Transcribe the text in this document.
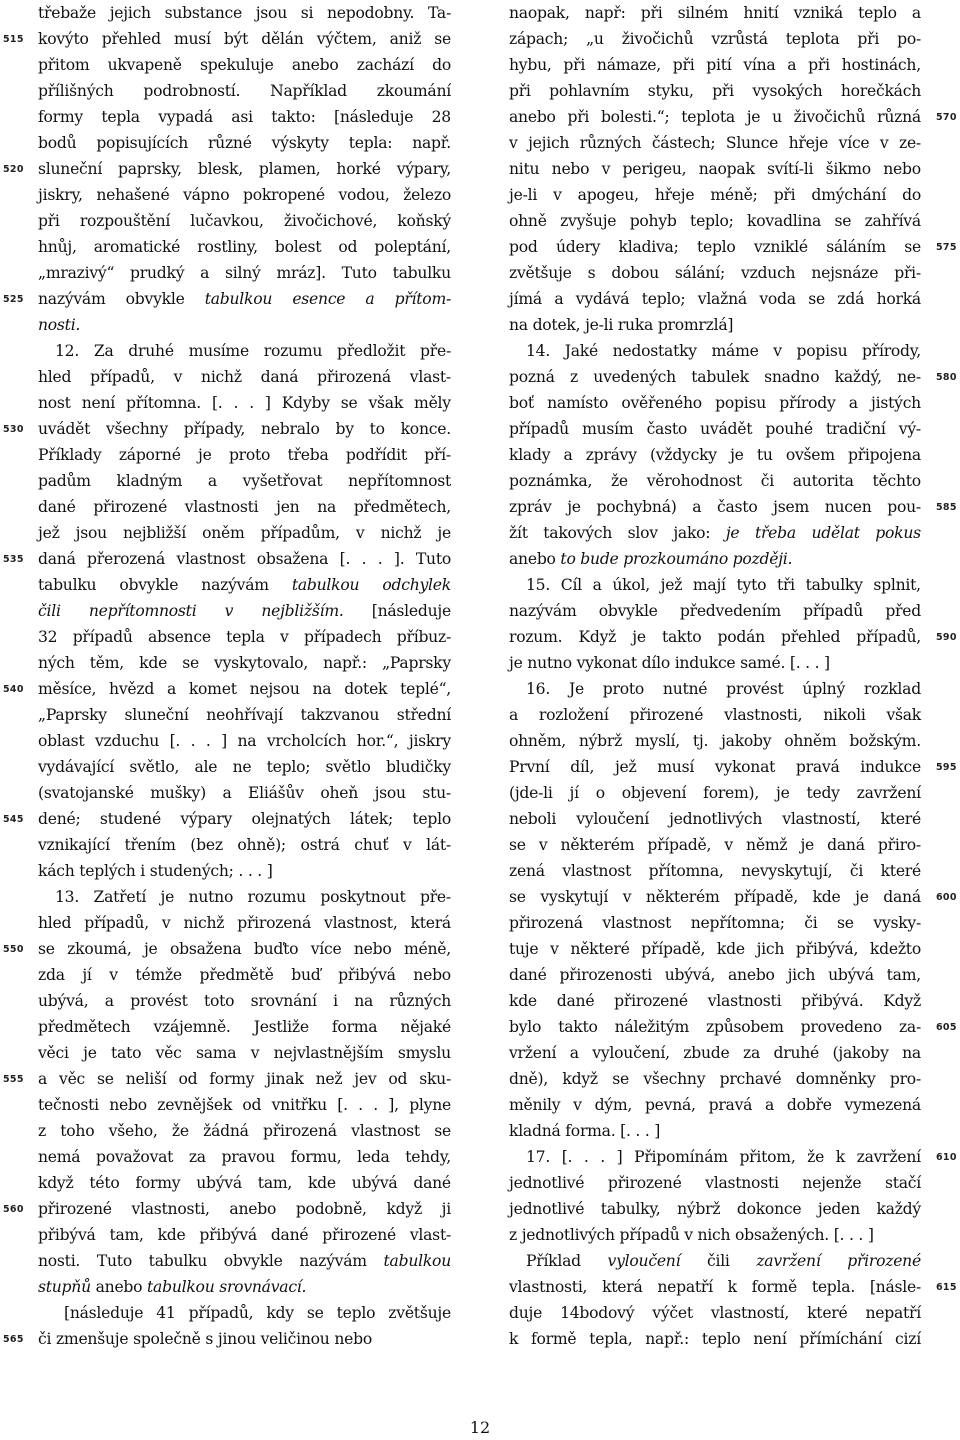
515
520
525
530
535
540
545
550
555
560
565
570
575
580
585
590
595
600
605
610
615
třebaže jejich substance jsou si nepodobny. Ta-
kovýto přehled musí být dělán výčtem, aniž se
přitom ukvapeně spekuluje anebo zachází do
přílišných podrobností. Například zkoumání
formy tepla vypadá asi takto: [následuje 28
bodů popisujících různé výskyty tepla: např.
sluneční paprsky, blesk, plamen, horké výpary,
jiskry, nehašené vápno pokropené vodou, železo
při rozpouštění lučavkou, živočichové, koňský
hnůj, aromatické rostliny, bolest od poleptání,
„mrazivý“ prudký a silný mráz]. Tuto tabulku
nazývám obvykle tabulkou esence a přítom-
nosti.
12. Za druhé musíme rozumu předložit pře-
hled případů, v nichž daná přirozená vlast-
nost není přítomna. [. . . ] Kdyby se však měly
uvádět všechny případy, nebralo by to konce.
Příklady záporné je proto třeba podřídit pří-
padům kladným a vyšetřovat nepřítomnost
dané přirozené vlastnosti jen na předmětech,
jež jsou nejbližší oněm případům, v nichž je
daná přerozená vlastnost obsažena [. . . ]. Tuto
tabulku obvykle nazývám tabulkou odchylek
čili nepřítomnosti v nejbližším. [následuje
32 případů absence tepla v případech příbuz-
ných těm, kde se vyskytovalo, např.: „Paprsky
měsíce, hvězd a komet nejsou na dotek teplé“,
„Paprsky sluneční neohřívají takzvanou střední
oblast vzduchu [. . . ] na vrcholcích hor.“, jiskry
vydávající světlo, ale ne teplo; světlo bludičky
(svatojanské mušky) a Eliášův oheň jsou stu-
dené; studené výpary olejnatých látek; teplo
vznikající třením (bez ohně); ostrá chuť v lát-
kách teplých i studených; . . . ]
13. Zatřetí je nutno rozumu poskytnout pře-
hled případů, v nichž přirozená vlastnost, která
se zkoumá, je obsažena buďto více nebo méně,
zda jí v témže předmětě buď přibývá nebo
ubývá, a provést toto srovnání i na různých
předmětech vzájemně. Jestliže forma nějaké
věci je tato věc sama v nejvlastnějším smyslu
a věc se neliší od formy jinak než jev od sku-
tečnosti nebo zevnějšek od vnitřku [. . . ], plyne
z toho všeho, že žádná přirozená vlastnost se
nemá považovat za pravou formu, leda tehdy,
když této formy ubývá tam, kde ubývá dané
přirozené vlastnosti, anebo podobně, když ji
přibývá tam, kde přibývá dané přirozené vlast-
nosti. Tuto tabulku obvykle nazývám tabulkou
stupňů anebo tabulkou srovnávací.
[následuje 41 případů, kdy se teplo zvětšuje
či zmenšuje společně s jinou veličinou nebo
naopak, např: při silném hnití vzniká teplo a
zápach; „u živočichů vzrůstá teplota při po-
hybu, při námaze, při pití vína a při hostinách,
při pohlavním styku, při vysokých horečkách
anebo při bolesti.“; teplota je u živočichů různá
v jejich různých částech; Slunce hřeje více v ze-
nitu nebo v perigeu, naopak svítí-li šikmo nebo
je-li v apogeu, hřeje méně; při dmýchání do
ohně zvyšuje pohyb teplo; kovadlina se zahřívá
pod údery kladiva; teplo vzniklé sáláním se
zvětšuje s dobou sálání; vzduch nejsnáze při-
jímá a vydává teplo; vlažná voda se zdá horká
na dotek, je-li ruka promrzlá]
14. Jaké nedostatky máme v popisu přírody,
pozná z uvedených tabulek snadno každý, ne-
boť namísto ověřeného popisu přírody a jistých
případů musím často uvádět pouhé tradiční vý-
klady a zprávy (vždycky je tu ovšem připojena
poznámka, že věrohodnost či autorita těchto
zpráv je pochybná) a často jsem nucen pou-
žít takových slov jako: je třeba udělat pokus
anebo to bude prozkoumáno později.
15. Cíl a úkol, jež mají tyto tři tabulky splnit,
nazývám obvykle předvedením případů před
rozum. Když je takto podán přehled případů,
je nutno vykonat dílo indukce samé. [. . . ]
16. Je proto nutné provést úplný rozklad
a rozložení přirozené vlastnosti, nikoli však
ohněm, nýbrž myslí, tj. jakoby ohněm božským.
První díl, jež musí vykonat pravá indukce
(jde-li jí o objevení forem), je tedy zavržení
neboli vyloučení jednotlivých vlastností, které
se v některém případě, v němž je daná přiro-
zená vlastnost přítomna, nevyskytují, či které
se vyskytují v některém případě, kde je daná
přirozená vlastnost nepřítomna; či se vysky-
tuje v některé případě, kde jich přibývá, kdežto
dané přirozenosti ubývá, anebo jich ubývá tam,
kde dané přirozené vlastnosti přibývá. Když
bylo takto náležitým způsobem provedeno za-
vržení a vyloučení, zbude za druhé (jakoby na
dně), když se všechny prchavé domněnky pro-
měnily v dým, pevná, pravá a dobře vymezená
kladná forma. [. . . ]
17. [. . . ] Připomínám přitom, že k zavržení
jednotlivé přirozené vlastnosti nejenže stačí
jednotlivé tabulky, nýbrž dokonce jeden každý
z jednotlivých případů v nich obsažených. [. . . ]
Příklad vyloučení čili zavržení přirozené
vlastnosti, která nepatří k formě tepla. [násle-
duje 14bodový výčet vlastností, které nepatří
k formě tepla, např.: teplo není přímíchání cizí
12
